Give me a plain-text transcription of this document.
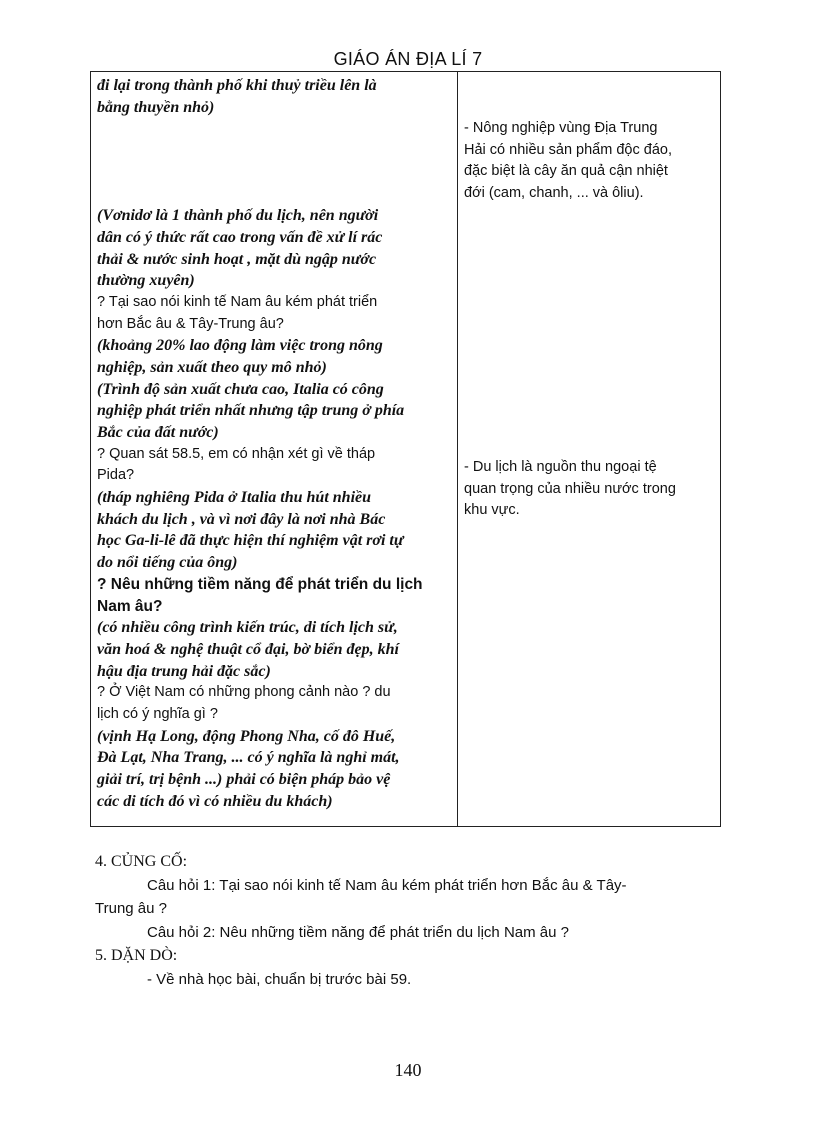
GIÁO ÁN ĐỊA LÍ 7
đi lại trong thành phố khi thuỷ triều lên là
bằng thuyền nhỏ)
(Vơnidơ là 1 thành phố du lịch, nên người
dân có ý thức rất cao trong vấn đề xử lí rác
thải & nước sinh hoạt , mặt dù ngập nước
thường xuyên)
? Tại sao nói kinh tế Nam âu kém phát triển
hơn Bắc âu & Tây-Trung âu?
(khoảng 20% lao động làm việc trong nông
nghiệp, sản xuất theo quy mô nhỏ)
(Trình độ sản xuất chưa cao, Italia có công
nghiệp phát triển nhất nhưng tập trung ở phía
Bắc của đất nước)
? Quan sát 58.5, em có nhận xét gì về tháp
Pida?
(tháp nghiêng Pida ở Italia thu hút nhiều
khách du lịch , và vì nơi đây là nơi nhà Bác
học Ga-li-lê đã thực hiện thí nghiệm vật rơi tự
do nổi tiếng của ông)
? Nêu những tiềm năng để phát triển du lịch
Nam âu?
(có nhiều công trình kiến trúc, di tích lịch sử,
văn hoá & nghệ thuật cổ đại, bờ biển đẹp, khí
hậu địa trung hải đặc sắc)
? Ở Việt Nam có những phong cảnh nào ? du
lịch có ý nghĩa gì ?
(vịnh Hạ Long, động Phong Nha, cố đô Huế,
Đà Lạt, Nha Trang, ... có ý nghĩa là nghỉ mát,
giải trí, trị bệnh ...) phải có biện pháp bảo vệ
các di tích đó vì có nhiều du khách)
- Nông nghiệp vùng Địa Trung
Hải có nhiều sản phẩm độc đáo,
đặc biệt là cây ăn quả cận nhiệt
đới (cam, chanh, ... và ôliu).
- Du lịch là nguồn thu ngoại tệ
quan trọng của nhiều nước trong
khu vực.
4. CỦNG CỐ:
Câu hỏi 1: Tại sao nói kinh tế Nam âu kém phát triển hơn Bắc âu & Tây-
Trung âu ?
Câu hỏi 2: Nêu những tiềm năng để phát triển du lịch Nam âu ?
5. DẶN DÒ:
- Về nhà học bài, chuẩn bị trước bài 59.
140
